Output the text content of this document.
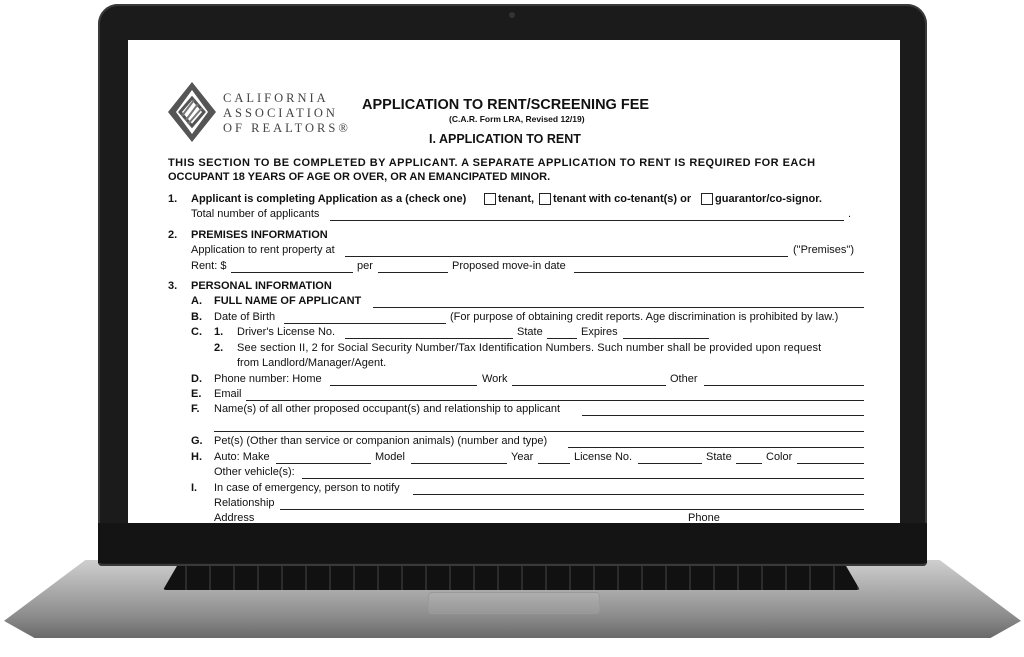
CALIFORNIA
ASSOCIATION
OF REALTORS®
APPLICATION TO RENT/SCREENING FEE
(C.A.R. Form LRA, Revised 12/19)
I. APPLICATION TO RENT
THIS SECTION TO BE COMPLETED BY APPLICANT. A SEPARATE APPLICATION TO RENT IS REQUIRED FOR EACH
OCCUPANT 18 YEARS OF AGE OR OVER, OR AN EMANCIPATED MINOR.
1. Applicant is completing Application as a (check one)	tenant, tenant with co-tenant(s) or guarantor/co-signor.
Total number of applicants	.
2. PREMISES INFORMATION
Application to rent property at	("Premises")
Rent: $	per	Proposed move-in date
3. PERSONAL INFORMATION
A. FULL NAME OF APPLICANT
B. Date of Birth	(For purpose of obtaining credit reports. Age discrimination is prohibited by law.)
C. 1. Driver's License No.	State	Expires
2. See section II, 2 for Social Security Number/Tax Identification Numbers. Such number shall be provided upon request
from Landlord/Manager/Agent.
D. Phone number: Home	Work	Other
E. Email
F. Name(s) of all other proposed occupant(s) and relationship to applicant
G. Pet(s) (Other than service or companion animals) (number and type)
H. Auto: Make	Model	Year	License No.	State	Color
Other vehicle(s):
I. In case of emergency, person to notify
Relationship
Address	Phone
